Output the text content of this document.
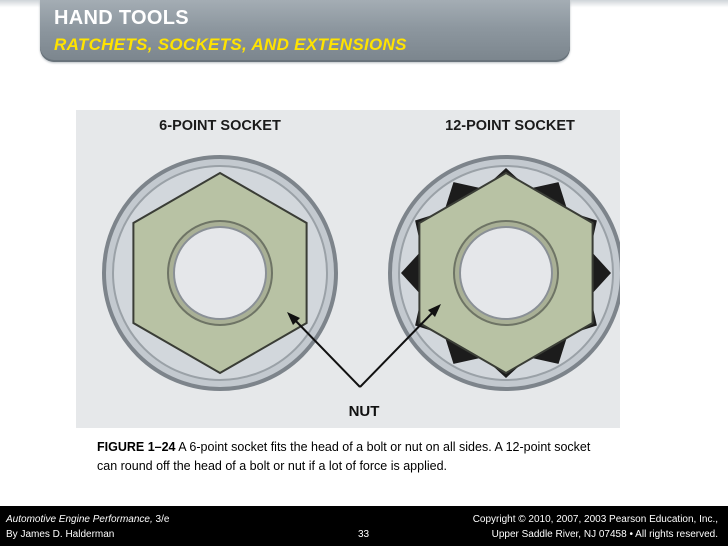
HAND TOOLS
RATCHETS, SOCKETS, AND EXTENSIONS
6-POINT SOCKET	12-POINT SOCKET
NUT
FIGURE 1–24 A 6-point socket fits the head of a bolt or nut on all sides. A 12-point socket can round off the head of a bolt or nut if a lot of force is applied.
Automotive Engine Performance, 3/e
By James D. Halderman	33
Copyright © 2010, 2007, 2003 Pearson Education, Inc.,
Upper Saddle River, NJ 07458 • All rights reserved.
